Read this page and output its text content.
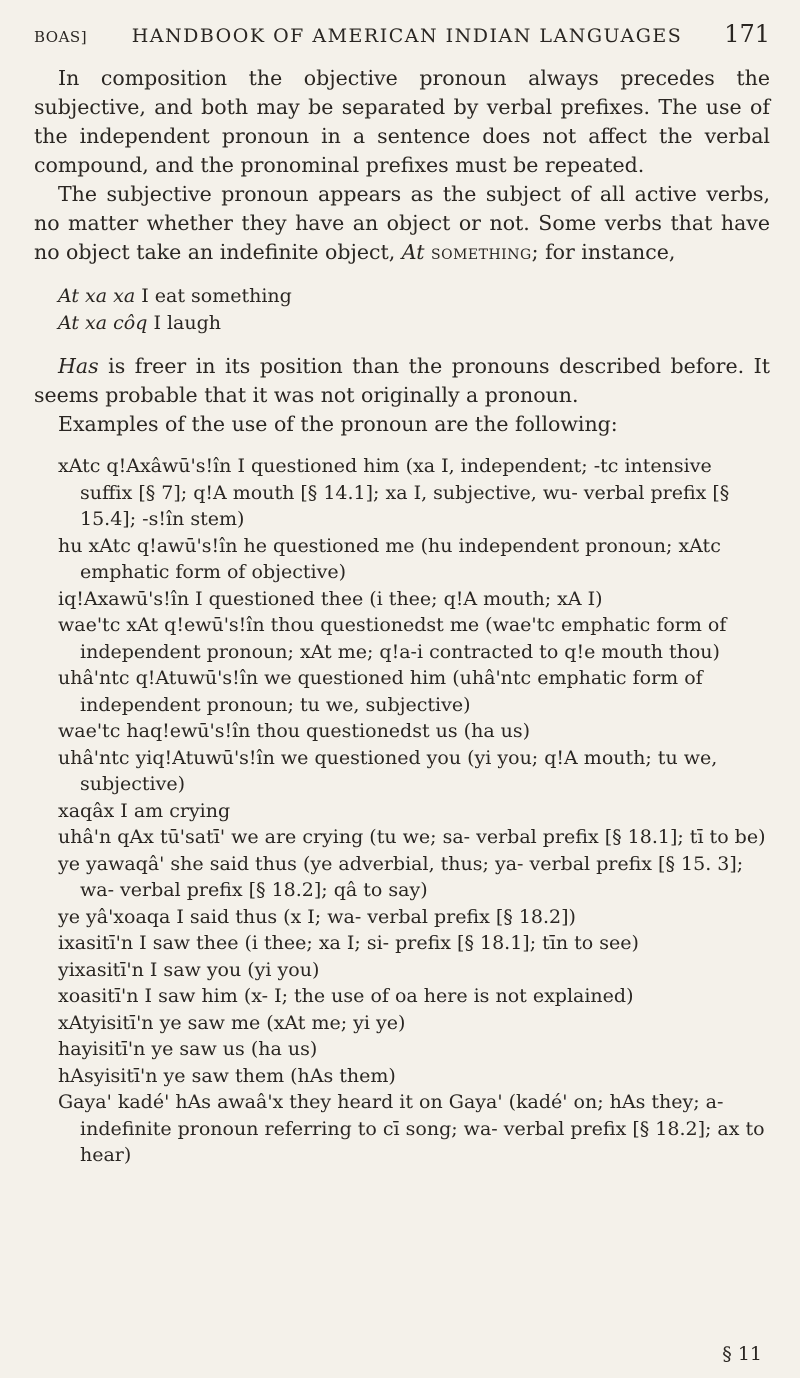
BOAS]	HANDBOOK OF AMERICAN INDIAN LANGUAGES	171

In composition the objective pronoun always precedes the subjective, and both may be separated by verbal prefixes. The use of the independent pronoun in a sentence does not affect the verbal compound, and the pronominal prefixes must be repeated.

The subjective pronoun appears as the subject of all active verbs, no matter whether they have an object or not. Some verbs that have no object take an indefinite object, At something; for instance,

At xa xa I eat something
At xa côq I laugh

Has is freer in its position than the pronouns described before. It seems probable that it was not originally a pronoun.

Examples of the use of the pronoun are the following:

xAtc q!Axâwū's!în I questioned him (xa I, independent; -tc intensive suffix [§ 7]; q!A mouth [§ 14.1]; xa I, subjective, wu- verbal prefix [§ 15.4]; -s!în stem)
hu xAtc q!awū's!în he questioned me (hu independent pronoun; xAtc emphatic form of objective)
iq!Axawū's!în I questioned thee (i thee; q!A mouth; xA I)
wae'tc xAt q!ewū's!în thou questionedst me (wae'tc emphatic form of independent pronoun; xAt me; q!a-i contracted to q!e mouth thou)
uhâ'ntc q!Atuwū's!în we questioned him (uhâ'ntc emphatic form of independent pronoun; tu we, subjective)
wae'tc haq!ewū's!în thou questionedst us (ha us)
uhâ'ntc yiq!Atuwū's!în we questioned you (yi you; q!A mouth; tu we, subjective)
xaqâx I am crying
uhâ'n qAx tū'satī' we are crying (tu we; sa- verbal prefix [§ 18.1]; tī to be)
ye yawaqâ' she said thus (ye adverbial, thus; ya- verbal prefix [§ 15. 3]; wa- verbal prefix [§ 18.2]; qâ to say)
ye yâ'xoaqa I said thus (x I; wa- verbal prefix [§ 18.2])
ixasitī'n I saw thee (i thee; xa I; si- prefix [§ 18.1]; tīn to see)
yixasitī'n I saw you (yi you)
xoasitī'n I saw him (x- I; the use of oa here is not explained)
xAtyisitī'n ye saw me (xAt me; yi ye)
hayisitī'n ye saw us (ha us)
hAsyisitī'n ye saw them (hAs them)
Gaya' kadé' hAs awaâ'x they heard it on Gaya' (kadé' on; hAs they; a- indefinite pronoun referring to cī song; wa- verbal prefix [§ 18.2]; ax to hear)
§ 11
